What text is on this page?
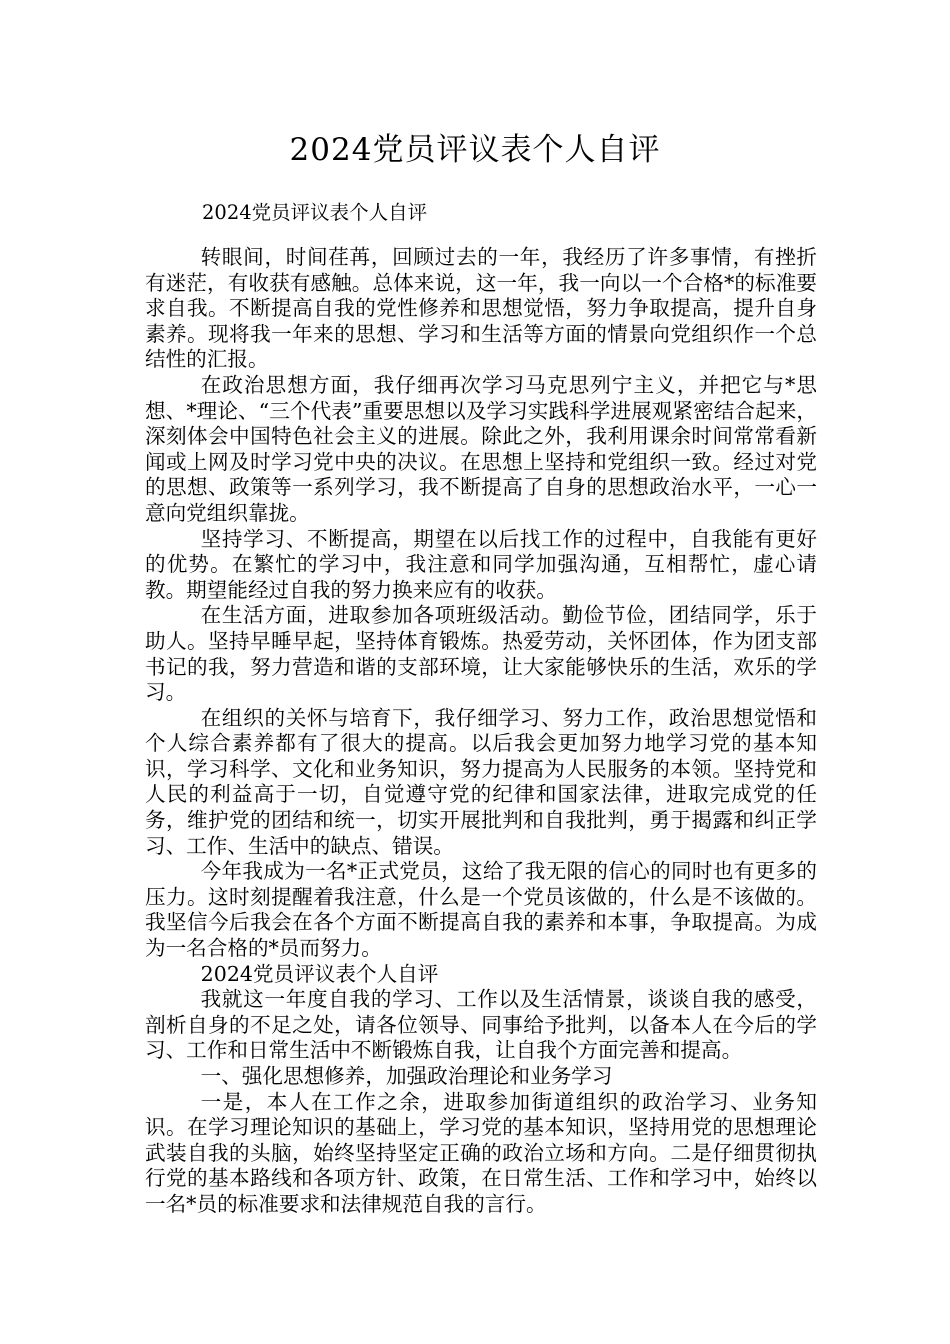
2024党员评议表个人自评
2024党员评议表个人自评

转眼间，时间荏苒，回顾过去的一年，我经历了许多事情，有挫折有迷茫，有收获有感触。总体来说，这一年，我一向以一个合格*的标准要求自我。不断提高自我的党性修养和思想觉悟，努力争取提高，提升自身素养。现将我一年来的思想、学习和生活等方面的情景向党组织作一个总结性的汇报。

在政治思想方面，我仔细再次学习马克思列宁主义，并把它与*思想、*理论、“三个代表”重要思想以及学习实践科学进展观紧密结合起来，深刻体会中国特色社会主义的进展。除此之外，我利用课余时间常常看新闻或上网及时学习党中央的决议。在思想上坚持和党组织一致。经过对党的思想、政策等一系列学习，我不断提高了自身的思想政治水平，一心一意向党组织靠拢。

坚持学习、不断提高，期望在以后找工作的过程中，自我能有更好的优势。在繁忙的学习中，我注意和同学加强沟通，互相帮忙，虚心请教。期望能经过自我的努力换来应有的收获。

在生活方面，进取参加各项班级活动。勤俭节俭，团结同学，乐于助人。坚持早睡早起，坚持体育锻炼。热爱劳动，关怀团体，作为团支部书记的我，努力营造和谐的支部环境，让大家能够快乐的生活，欢乐的学习。

在组织的关怀与培育下，我仔细学习、努力工作，政治思想觉悟和个人综合素养都有了很大的提高。以后我会更加努力地学习党的基本知识，学习科学、文化和业务知识，努力提高为人民服务的本领。坚持党和人民的利益高于一切，自觉遵守党的纪律和国家法律，进取完成党的任务，维护党的团结和统一，切实开展批判和自我批判，勇于揭露和纠正学习、工作、生活中的缺点、错误。

今年我成为一名*正式党员，这给了我无限的信心的同时也有更多的压力。这时刻提醒着我注意，什么是一个党员该做的，什么是不该做的。我坚信今后我会在各个方面不断提高自我的素养和本事，争取提高。为成为一名合格的*员而努力。

2024党员评议表个人自评

我就这一年度自我的学习、工作以及生活情景，谈谈自我的感受，剖析自身的不足之处，请各位领导、同事给予批判，以备本人在今后的学习、工作和日常生活中不断锻炼自我，让自我个方面完善和提高。

一、强化思想修养，加强政治理论和业务学习

一是，本人在工作之余，进取参加街道组织的政治学习、业务知识。在学习理论知识的基础上，学习党的基本知识，坚持用党的思想理论武装自我的头脑，始终坚持坚定正确的政治立场和方向。二是仔细贯彻执行党的基本路线和各项方针、政策，在日常生活、工作和学习中，始终以一名*员的标准要求和法律规范自我的言行。
